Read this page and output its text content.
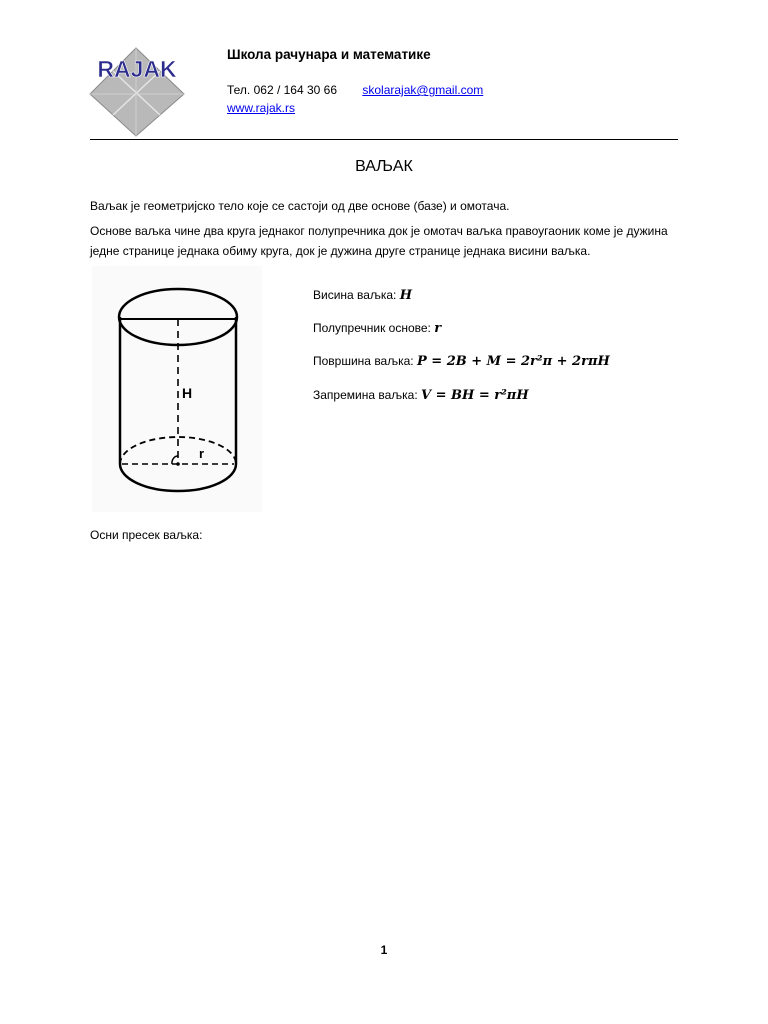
RAJAK
Школа рачунара и математике
Тел. 062 / 164 30 66 skolarajak@gmail.com
www.rajak.rs
ВАЉАК
Ваљак је геометријско тело које се састоји од две основе (базе) и омотача.
Основе ваљка чине два круга једнаког полупречника док је омотач ваљка правоугаоник коме је дужина једне странице једнака обиму круга, док је дужина друге странице једнака висини ваљка.
H
r
Висина ваљка: H
Полупречник основе: r
Површина ваљка: P = 2B + M = 2r²π + 2rπH
Запремина ваљка: V = BH = r²πH
Осни пресек ваљка:
1
